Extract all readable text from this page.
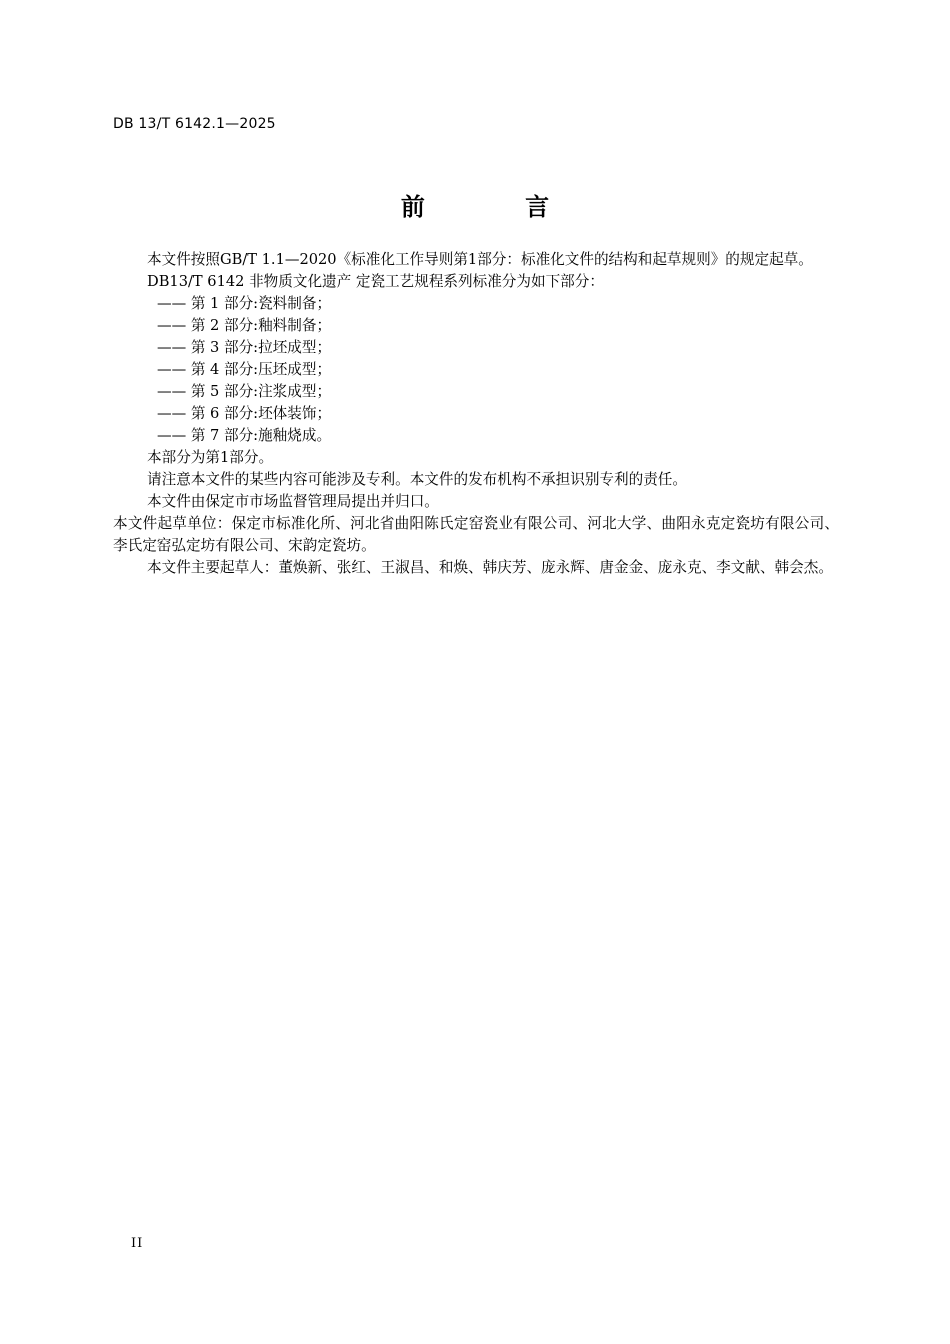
DB 13/T 6142.1—2025
前 言

本文件按照GB/T 1.1—2020《标准化工作导则第1部分：标准化文件的结构和起草规则》的规定起草。

DB13/T 6142 非物质文化遗产 定瓷工艺规程系列标准分为如下部分：

—— 第 1 部分:瓷料制备；

—— 第 2 部分:釉料制备；

—— 第 3 部分:拉坯成型；

—— 第 4 部分:压坯成型；

—— 第 5 部分:注浆成型；

—— 第 6 部分:坯体装饰；

—— 第 7 部分:施釉烧成。

本部分为第1部分。

请注意本文件的某些内容可能涉及专利。本文件的发布机构不承担识别专利的责任。

本文件由保定市市场监督管理局提出并归口。

本文件起草单位：保定市标准化所、河北省曲阳陈氏定窑瓷业有限公司、河北大学、曲阳永克定瓷坊有限公司、李氏定窑弘定坊有限公司、宋韵定瓷坊。

本文件主要起草人：董焕新、张红、王淑昌、和焕、韩庆芳、庞永辉、唐金金、庞永克、李文献、韩会杰。

II
